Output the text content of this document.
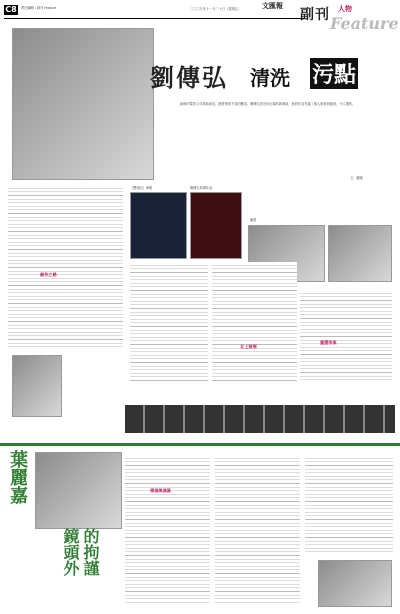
C8	責任編輯 / 副刊 Feature	二〇〇九年十一月二十日（星期五）	文匯報
副刊 人物
Feature
劉傳弘 清洗 污點
新鮮的電影公司和新演員，總是帶來不同的驚喜。劉傳弘是近年出現的新導演，他的作品充滿了個人風格與創意，令人期待。
文：蘭葉
創作之路
《雙城記》海報	劉傳弘執導作品
劇照
北上發展
重塑形象
葉麗嘉
鏡頭外 的拘謹
導演與演員
